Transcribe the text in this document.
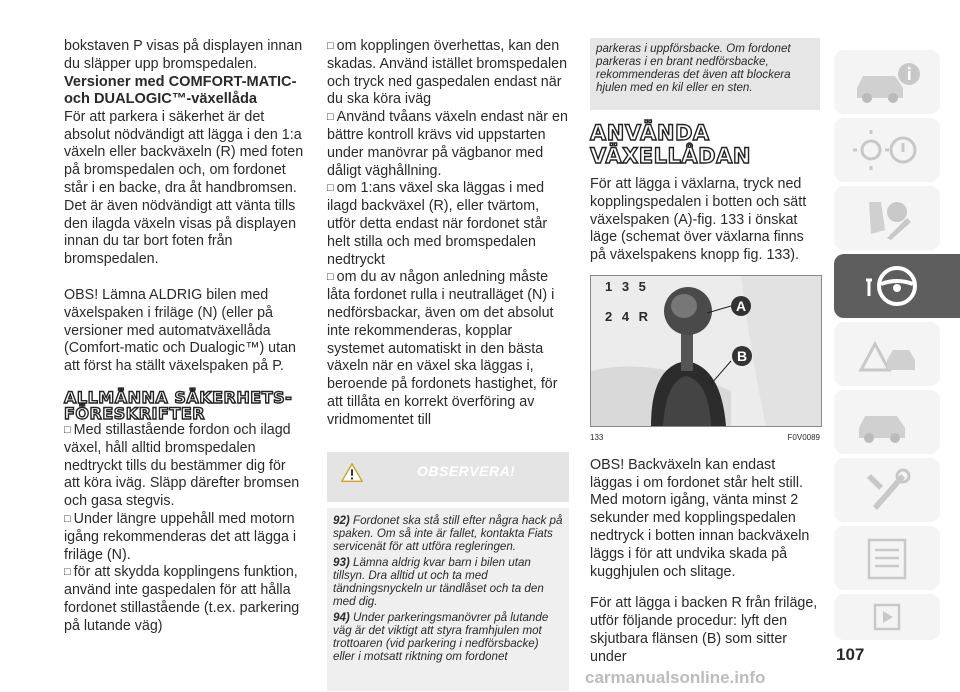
bokstaven P visas på displayen innan du släpper upp bromspedalen.

Versioner med COMFORT-MATIC- och DUALOGIC™-växellåda

För att parkera i säkerhet är det absolut nödvändigt att lägga i den 1:a växeln eller backväxeln (R) med foten på bromspedalen och, om fordonet står i en backe, dra åt handbromsen. Det är även nödvändigt att vänta tills den ilagda växeln visas på displayen innan du tar bort foten från bromspedalen.

OBS! Lämna ALDRIG bilen med växelspaken i friläge (N) (eller på versioner med automatväxellåda (Comfort-matic och Dualogic™) utan att först ha ställt växelspaken på P.

ALLMÄNNA SÄKERHETS-FÖRESKRIFTER

□ Med stillastående fordon och ilagd växel, håll alltid bromspedalen nedtryckt tills du bestämmer dig för att köra iväg. Släpp därefter bromsen och gasa stegvis.

□ Under längre uppehåll med motorn igång rekommenderas det att lägga i friläge (N).

□ för att skydda kopplingens funktion, använd inte gaspedalen för att hålla fordonet stillastående (t.ex. parkering på lutande väg)

□ om kopplingen överhettas, kan den skadas. Använd istället bromspedalen och tryck ned gaspedalen endast när du ska köra iväg

□ Använd tvåans växeln endast när en bättre kontroll krävs vid uppstarten under manövrar på vägbanor med dåligt väghållning.

□ om 1:ans växel ska läggas i med ilagd backväxel (R), eller tvärtom, utför detta endast när fordonet står helt stilla och med bromspedalen nedtryckt

□ om du av någon anledning måste låta fordonet rulla i neutralläget (N) i nedförsbackar, även om det absolut inte rekommenderas, kopplar systemet automatiskt in den bästa växeln när en växel ska läggas i, beroende på fordonets hastighet, för att tillåta en korrekt överföring av vridmomentet till

OBSERVERA!

92) Fordonet ska stå still efter några hack på spaken. Om så inte är fallet, kontakta Fiats servicenät för att utföra regleringen.

93) Lämna aldrig kvar barn i bilen utan tillsyn. Dra alltid ut och ta med tändningsnyckeln ur tändlåset och ta den med dig.

94) Under parkeringsmanövrer på lutande väg är det viktigt att styra framhjulen mot trottoaren (vid parkering i nedförsbacke) eller i motsatt riktning om fordonet

parkeras i uppförsbacke. Om fordonet parkeras i en brant nedförsbacke, rekommenderas det även att blockera hjulen med en kil eller en sten.

ANVÄNDA VÄXELLÅDAN

För att lägga i växlarna, tryck ned kopplingspedalen i botten och sätt växelspaken (A)-fig. 133 i önskat läge (schemat över växlarna finns på växelspakens knopp fig. 133).

1 3 5
2 4 R
A
B
133	F0V0089

OBS! Backväxeln kan endast läggas i om fordonet står helt still. Med motorn igång, vänta minst 2 sekunder med kopplingspedalen nedtryck i botten innan backväxeln läggs i för att undvika skada på kugghjulen och slitage.

För att lägga i backen R från friläge, utför följande procedur: lyft den skjutbara flänsen (B) som sitter under	107
carmanualsonline.info
